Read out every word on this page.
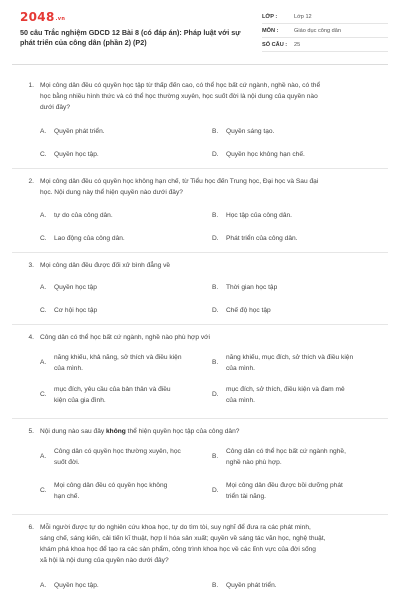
$2048^{.vn}$
50 câu Trắc nghiệm GDCD 12 Bài 8 (có đáp án): Pháp luật với sự phát triển của công dân (phần 2) (P2)
LỚP :	Lớp 12
MÔN :	Giáo dục công dân
SỐ CÂU :	25
1. Mọi công dân đều có quyền học tập từ thấp đến cao, có thể học bất cứ ngành, nghề nào, có thể
học bằng nhiều hình thức và có thể học thường xuyên, học suốt đời là nội dung của quyền nào
dưới đây?
A. Quyền phát triển.	B. Quyền sáng tạo.
C. Quyền học tập.	D. Quyền học không hạn chế.
2. Mọi công dân đều có quyền học không hạn chế, từ Tiểu học đến Trung học, Đại học và Sau đại
học. Nội dung này thể hiện quyền nào dưới đây?
A. tự do của công dân.	B. Học tập của công dân.
C. Lao động của công dân.	D. Phát triển của công dân.
3. Mọi công dân đều được đối xử bình đẳng về
A. Quyền học tập	B. Thời gian học tập
C. Cơ hội học tập	D. Chế độ học tập
4. Công dân có thể học bất cứ ngành, nghề nào phù hợp với
A.
năng khiếu, khả năng, sở thích và điều kiện
của mình.
B.
năng khiếu, mục đích, sở thích và điều kiện
của mình.
C.
mục đích, yêu cầu của bản thân và điều
kiện của gia đình.
D.
mục đích, sở thích, điều kiện và đam mê
của mình.
5. Nội dung nào sau đây không thể hiện quyền học tập của công dân?
A.
Công dân có quyền học thường xuyên, học
suốt đời.
B.
Công dân có thể học bất cứ ngành nghề,
nghề nào phù hợp.
C.
Mọi công dân đều có quyền học không
hạn chế.
D.
Mọi công dân đều được bồi dưỡng phát
triển tài năng.
6. Mỗi người được tự do nghiên cứu khoa học, tự do tìm tòi, suy nghĩ để đưa ra các phát minh,
sáng chế, sáng kiến, cải tiến kĩ thuật, hợp lí hóa sản xuất; quyền về sáng tác văn học, nghệ thuật,
khám phá khoa học để tạo ra các sản phẩm, công trình khoa học về các lĩnh vực của đời sống
xã hội là nội dung của quyền nào dưới đây?
A. Quyền học tập.	B. Quyền phát triển.
